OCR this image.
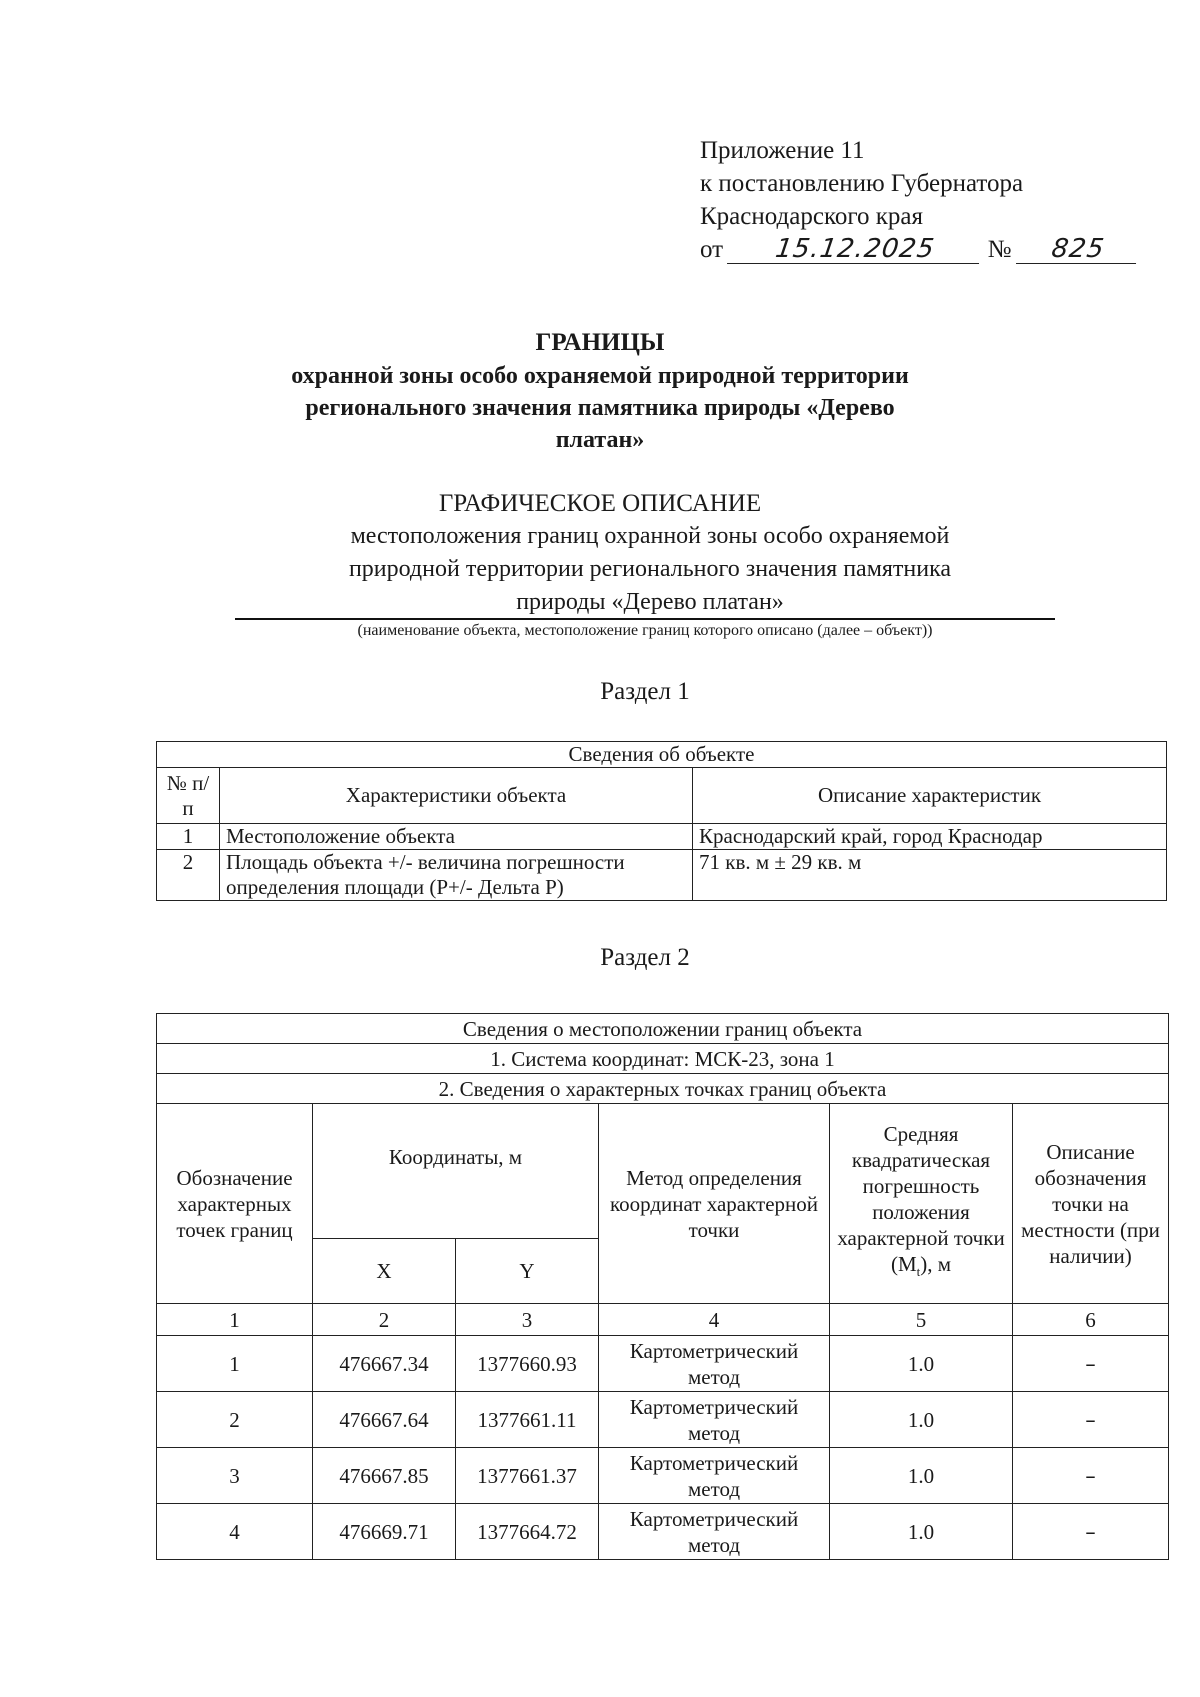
Приложение 11
к постановлению Губернатора
Краснодарского края
от 15.12.2025 № 825
ГРАНИЦЫ
охранной зоны особо охраняемой природной территории
регионального значения памятника природы «Дерево
платан»
ГРАФИЧЕСКОЕ ОПИСАНИЕ
местоположения границ охранной зоны особо охраняемой
природной территории регионального значения памятника
природы «Дерево платан»
(наименование объекта, местоположение границ которого описано (далее – объект))
Раздел 1
Сведения об объекте		
№ п/п	Характеристики объекта	Описание характеристик
1	Местоположение объекта	Краснодарский край, город Краснодар
2	Площадь объекта +/- величина погрешности определения площади (P+/- Дельта P)	71 кв. м ± 29 кв. м
Раздел 2
Сведения о местоположении границ объекта					
1. Система координат: МСК-23, зона 1					
2. Сведения о характерных точках границ объекта					
Обозначение характерных точек границ	Координаты, м		Метод определения координат характерной точки	Средняя квадратическая погрешность положения характерной точки $(M_t)$, м	Описание обозначения точки на местности (при наличии)
	X	Y			
1	2	3	4	5	6
1	476667.34	1377660.93	Картометрический метод	1.0	–
2	476667.64	1377661.11	Картометрический метод	1.0	–
3	476667.85	1377661.37	Картометрический метод	1.0	–
4	476669.71	1377664.72	Картометрический метод	1.0	–
